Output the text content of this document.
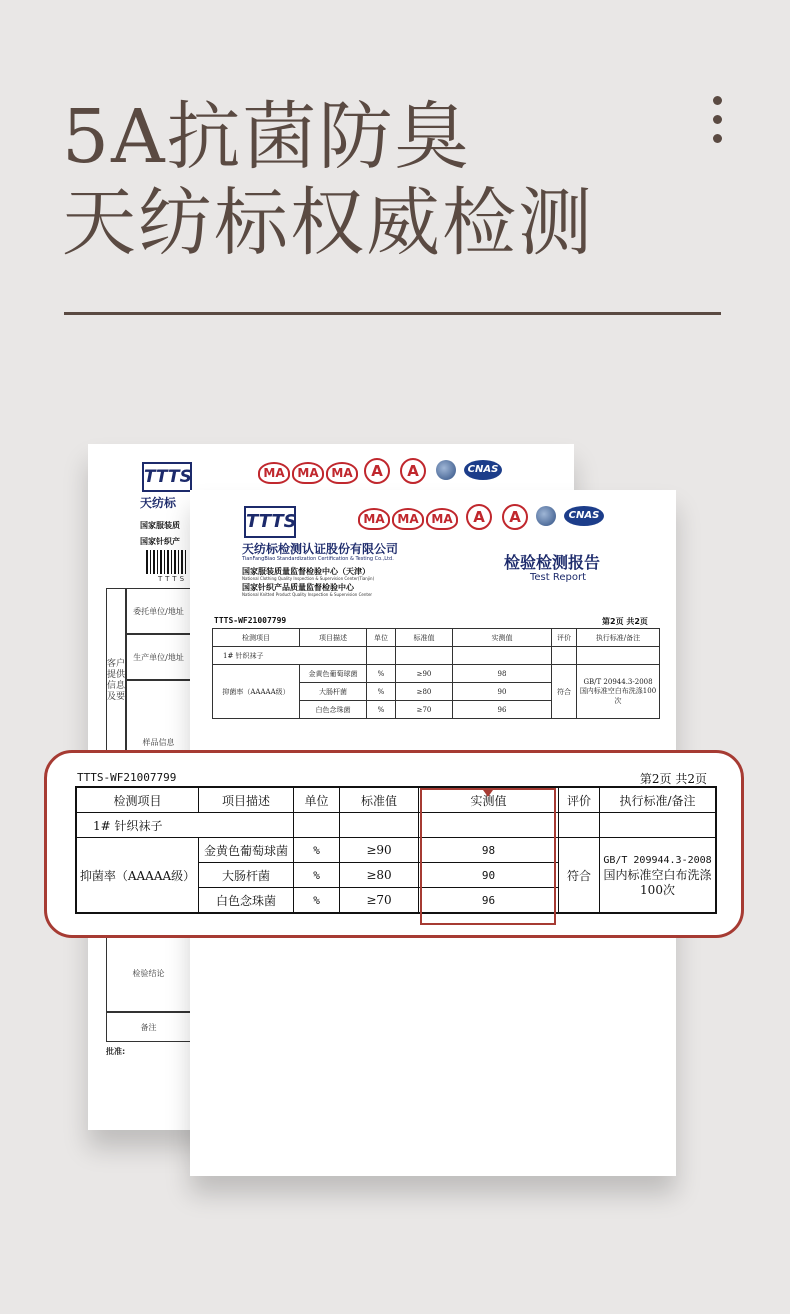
5A抗菌防臭
天纺标权威检测
TTTS
天纺标
国家服装质
国家针织产
TTTS
MA	MA	MA	A	A	CNAS
客户提供信息及要
委托单位/地址
生产单位/地址
样品信息
检验结论
备注
批准:
TTTS
天纺标检测认证股份有限公司
TianFangBiao Standardization Certification & Testing Co.,Ltd.
国家服装质量监督检验中心（天津）
National Clothing Quality Inspection & Supervision Center(Tianjin)
国家针织产品质量监督检验中心
National Knitted Product Quality Inspection & Supervision Center
检验检测报告
Test Report
MA	MA	MA	A	A	CNAS
TTTS-WF21007799	第2页 共2页
检测项目	项目描述	单位	标准值	实测值	评价	执行标准/备注
1# 针织袜子						
抑菌率（AAAAA级）	金黄色葡萄球菌	%	≥90	98	符合	GB/T 20944.3-2008
国内标准空白布洗涤100次

	大肠杆菌	%	≥80	90		
	白色念珠菌	%	≥70	96		
TTTS-WF21007799	第2页 共2页
检测项目	项目描述	单位	标准值	实测值	评价	执行标准/备注
1# 针织袜子						
抑菌率（AAAAA级）	金黄色葡萄球菌	%	≥90	98	符合	GB/T 209944.3-2008
国内标准空白布洗涤100次

	大肠杆菌	%	≥80	90		
	白色念珠菌	%	≥70	96		
